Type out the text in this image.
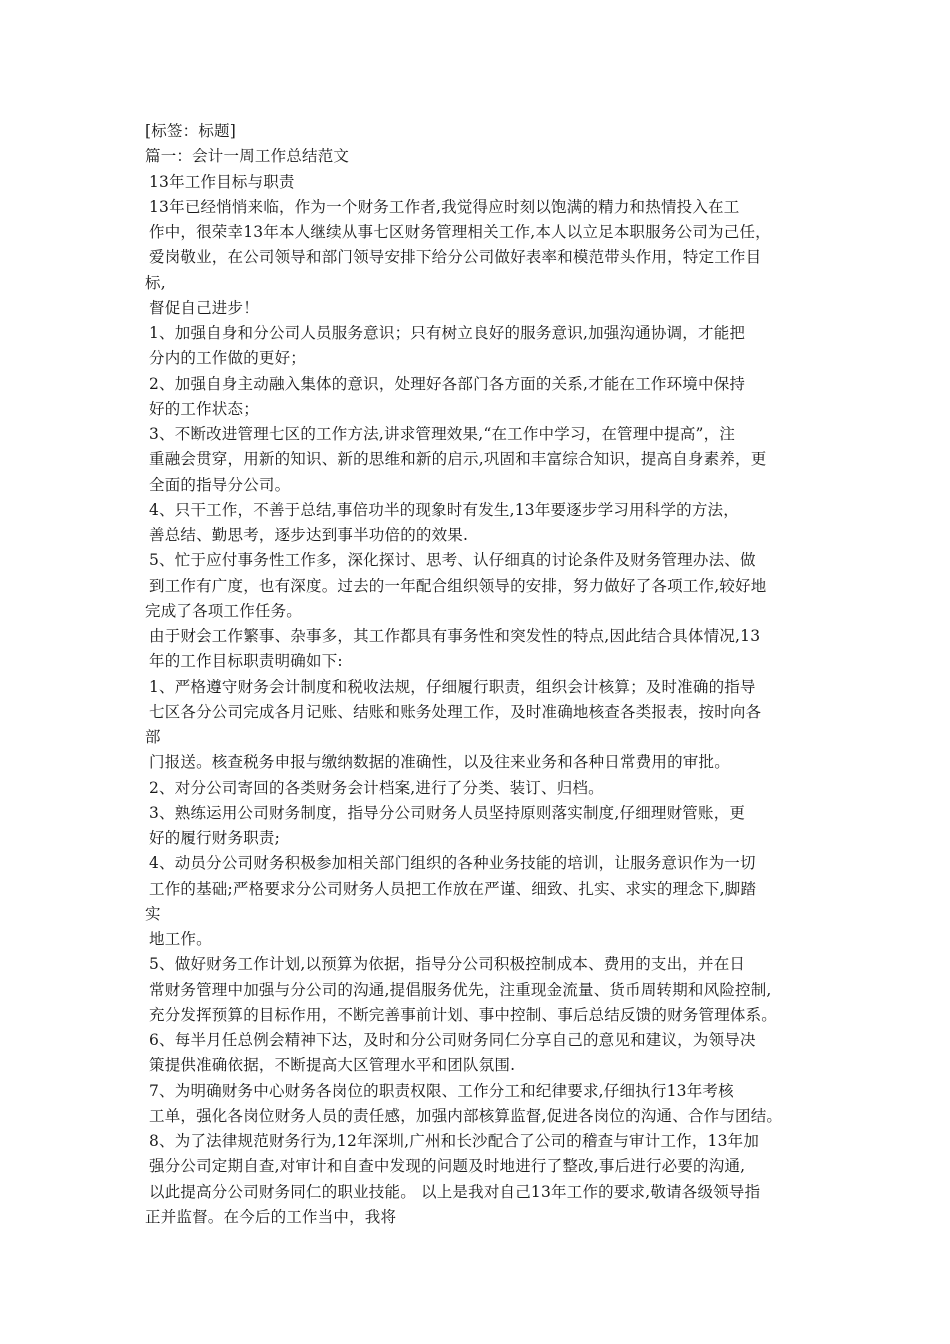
[标签：标题]
篇一：会计一周工作总结范文
13年工作目标与职责
13年已经悄悄来临，作为一个财务工作者,我觉得应时刻以饱满的精力和热情投入在工
作中，很荣幸13年本人继续从事七区财务管理相关工作,本人以立足本职服务公司为己任，
爱岗敬业，在公司领导和部门领导安排下给分公司做好表率和模范带头作用，特定工作目
标,
督促自己进步！
1、加强自身和分公司人员服务意识；只有树立良好的服务意识,加强沟通协调，才能把
分内的工作做的更好；
2、加强自身主动融入集体的意识，处理好各部门各方面的关系,才能在工作环境中保持
好的工作状态；
3、不断改进管理七区的工作方法,讲求管理效果,“在工作中学习，在管理中提高”，注
重融会贯穿，用新的知识、新的思维和新的启示,巩固和丰富综合知识，提高自身素养，更
全面的指导分公司。
4、只干工作，不善于总结,事倍功半的现象时有发生,13年要逐步学习用科学的方法，
善总结、勤思考，逐步达到事半功倍的的效果.
5、忙于应付事务性工作多，深化探讨、思考、认仔细真的讨论条件及财务管理办法、做
到工作有广度，也有深度。过去的一年配合组织领导的安排，努力做好了各项工作,较好地
完成了各项工作任务。
由于财会工作繁事、杂事多，其工作都具有事务性和突发性的特点,因此结合具体情况,13
年的工作目标职责明确如下:
1、严格遵守财务会计制度和税收法规，仔细履行职责，组织会计核算；及时准确的指导
七区各分公司完成各月记账、结账和账务处理工作，及时准确地核查各类报表，按时向各
部
门报送。核查税务申报与缴纳数据的准确性，以及往来业务和各种日常费用的审批。
2、对分公司寄回的各类财务会计档案,进行了分类、装订、归档。
3、熟练运用公司财务制度，指导分公司财务人员坚持原则落实制度,仔细理财管账，更
好的履行财务职责;
4、动员分公司财务积极参加相关部门组织的各种业务技能的培训，让服务意识作为一切
工作的基础;严格要求分公司财务人员把工作放在严谨、细致、扎实、求实的理念下,脚踏
实
地工作。
5、做好财务工作计划,以预算为依据，指导分公司积极控制成本、费用的支出，并在日
常财务管理中加强与分公司的沟通,提倡服务优先，注重现金流量、货币周转期和风险控制,
充分发挥预算的目标作用，不断完善事前计划、事中控制、事后总结反馈的财务管理体系。
6、每半月任总例会精神下达，及时和分公司财务同仁分享自己的意见和建议，为领导决
策提供准确依据，不断提高大区管理水平和团队氛围.
7、为明确财务中心财务各岗位的职责权限、工作分工和纪律要求,仔细执行13年考核
工单，强化各岗位财务人员的责任感，加强内部核算监督,促进各岗位的沟通、合作与团结。
8、为了法律规范财务行为,12年深圳,广州和长沙配合了公司的稽查与审计工作，13年加
强分公司定期自查,对审计和自查中发现的问题及时地进行了整改,事后进行必要的沟通,
以此提高分公司财务同仁的职业技能。 以上是我对自己13年工作的要求,敬请各级领导指
正并监督。在今后的工作当中，我将
